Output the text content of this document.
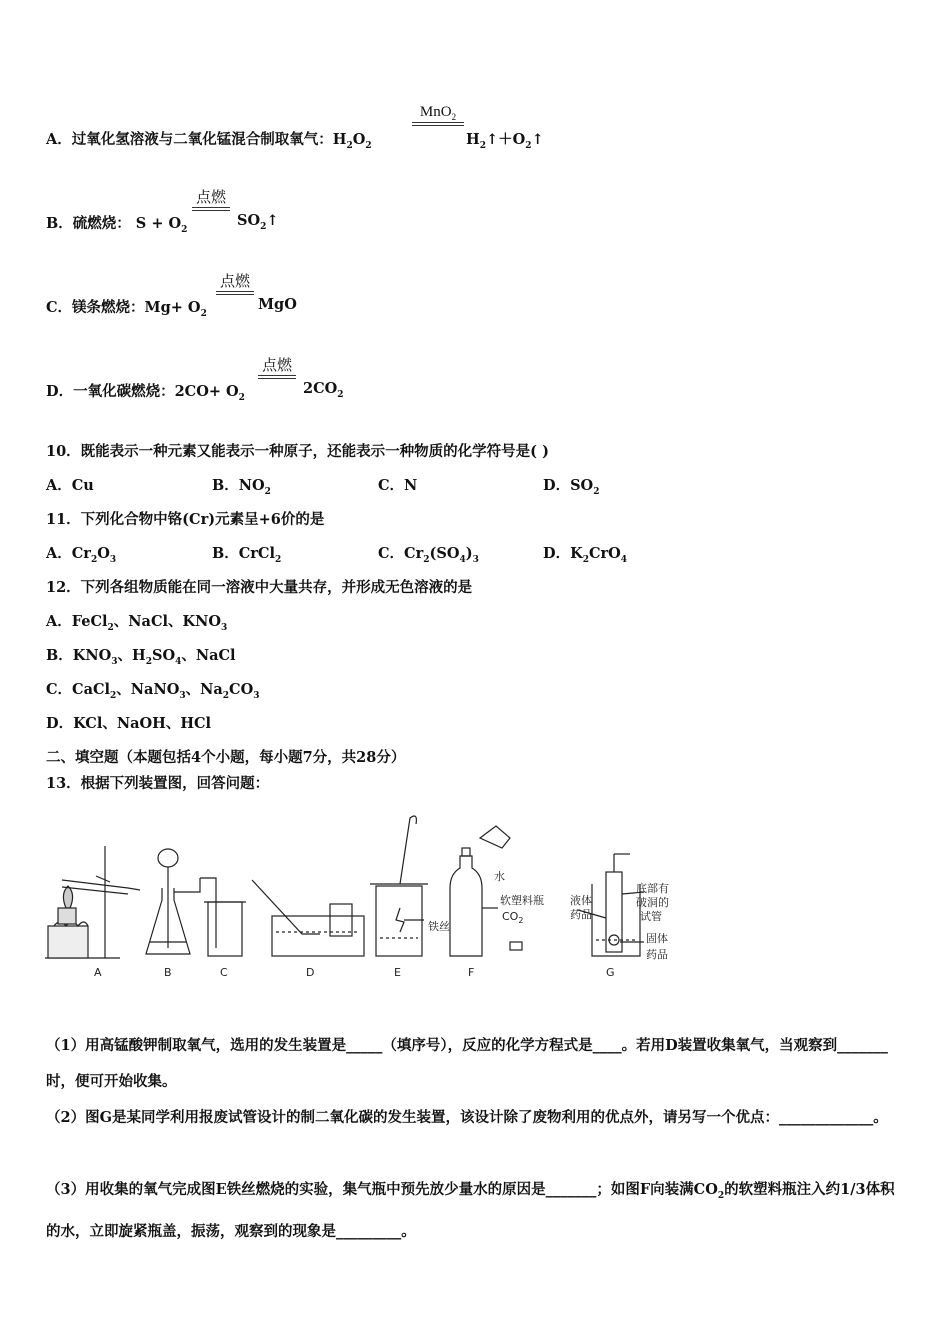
A．过氧化氢溶液与二氧化锰混合制取氧气：$H_2O_2$
MnO$_2$
$H_2↑+O_2↑$
B．硫燃烧： $S + O_2$
点燃
$SO_2↑$
C．镁条燃烧：$Mg+ O_2$
点燃
MgO
D．一氧化碳燃烧：$2CO+ O_2$
点燃
$2CO_2$
10．既能表示一种元素又能表示一种原子，还能表示一种物质的化学符号是( )
A．Cu	B．$NO_2$	C．N	D．$SO_2$
11．下列化合物中铬(Cr)元素呈+6价的是
A．$Cr_2O_3$	B．CrCl$_2$	C．$Cr_2(SO_4)_3$	D．$K_2CrO_4$
12．下列各组物质能在同一溶液中大量共存，并形成无色溶液的是
A．FeCl$_2$、NaCl、$KNO_3$
B．$KNO_3$、$H_2SO_4$、NaCl
C．CaCl$_2$、NaNO$_3$、$Na_2CO_3$
D．KCl、NaOH、HCl
二、填空题（本题包括4个小题，每小题7分，共28分）
13．根据下列装置图，回答问题：
A	B	C	D	E	F	G
铁丝
水
软塑料瓶
$CO_2$
液体
药品
底部有
破洞的
试管
固体
药品
（1）用高锰酸钾制取氧气，选用的发生装置是_____（填序号），反应的化学方程式是____。若用D装置收集氧气，当观察到_______时，便可开始收集。
（2）图G是某同学利用报废试管设计的制二氧化碳的发生装置，该设计除了废物利用的优点外，请另写一个优点：_____________。
（3）用收集的氧气完成图E铁丝燃烧的实验，集气瓶中预先放少量水的原因是_______；如图F向装满$CO_2$的软塑料瓶注入约1/3体积的水，立即旋紧瓶盖，振荡，观察到的现象是_________。
